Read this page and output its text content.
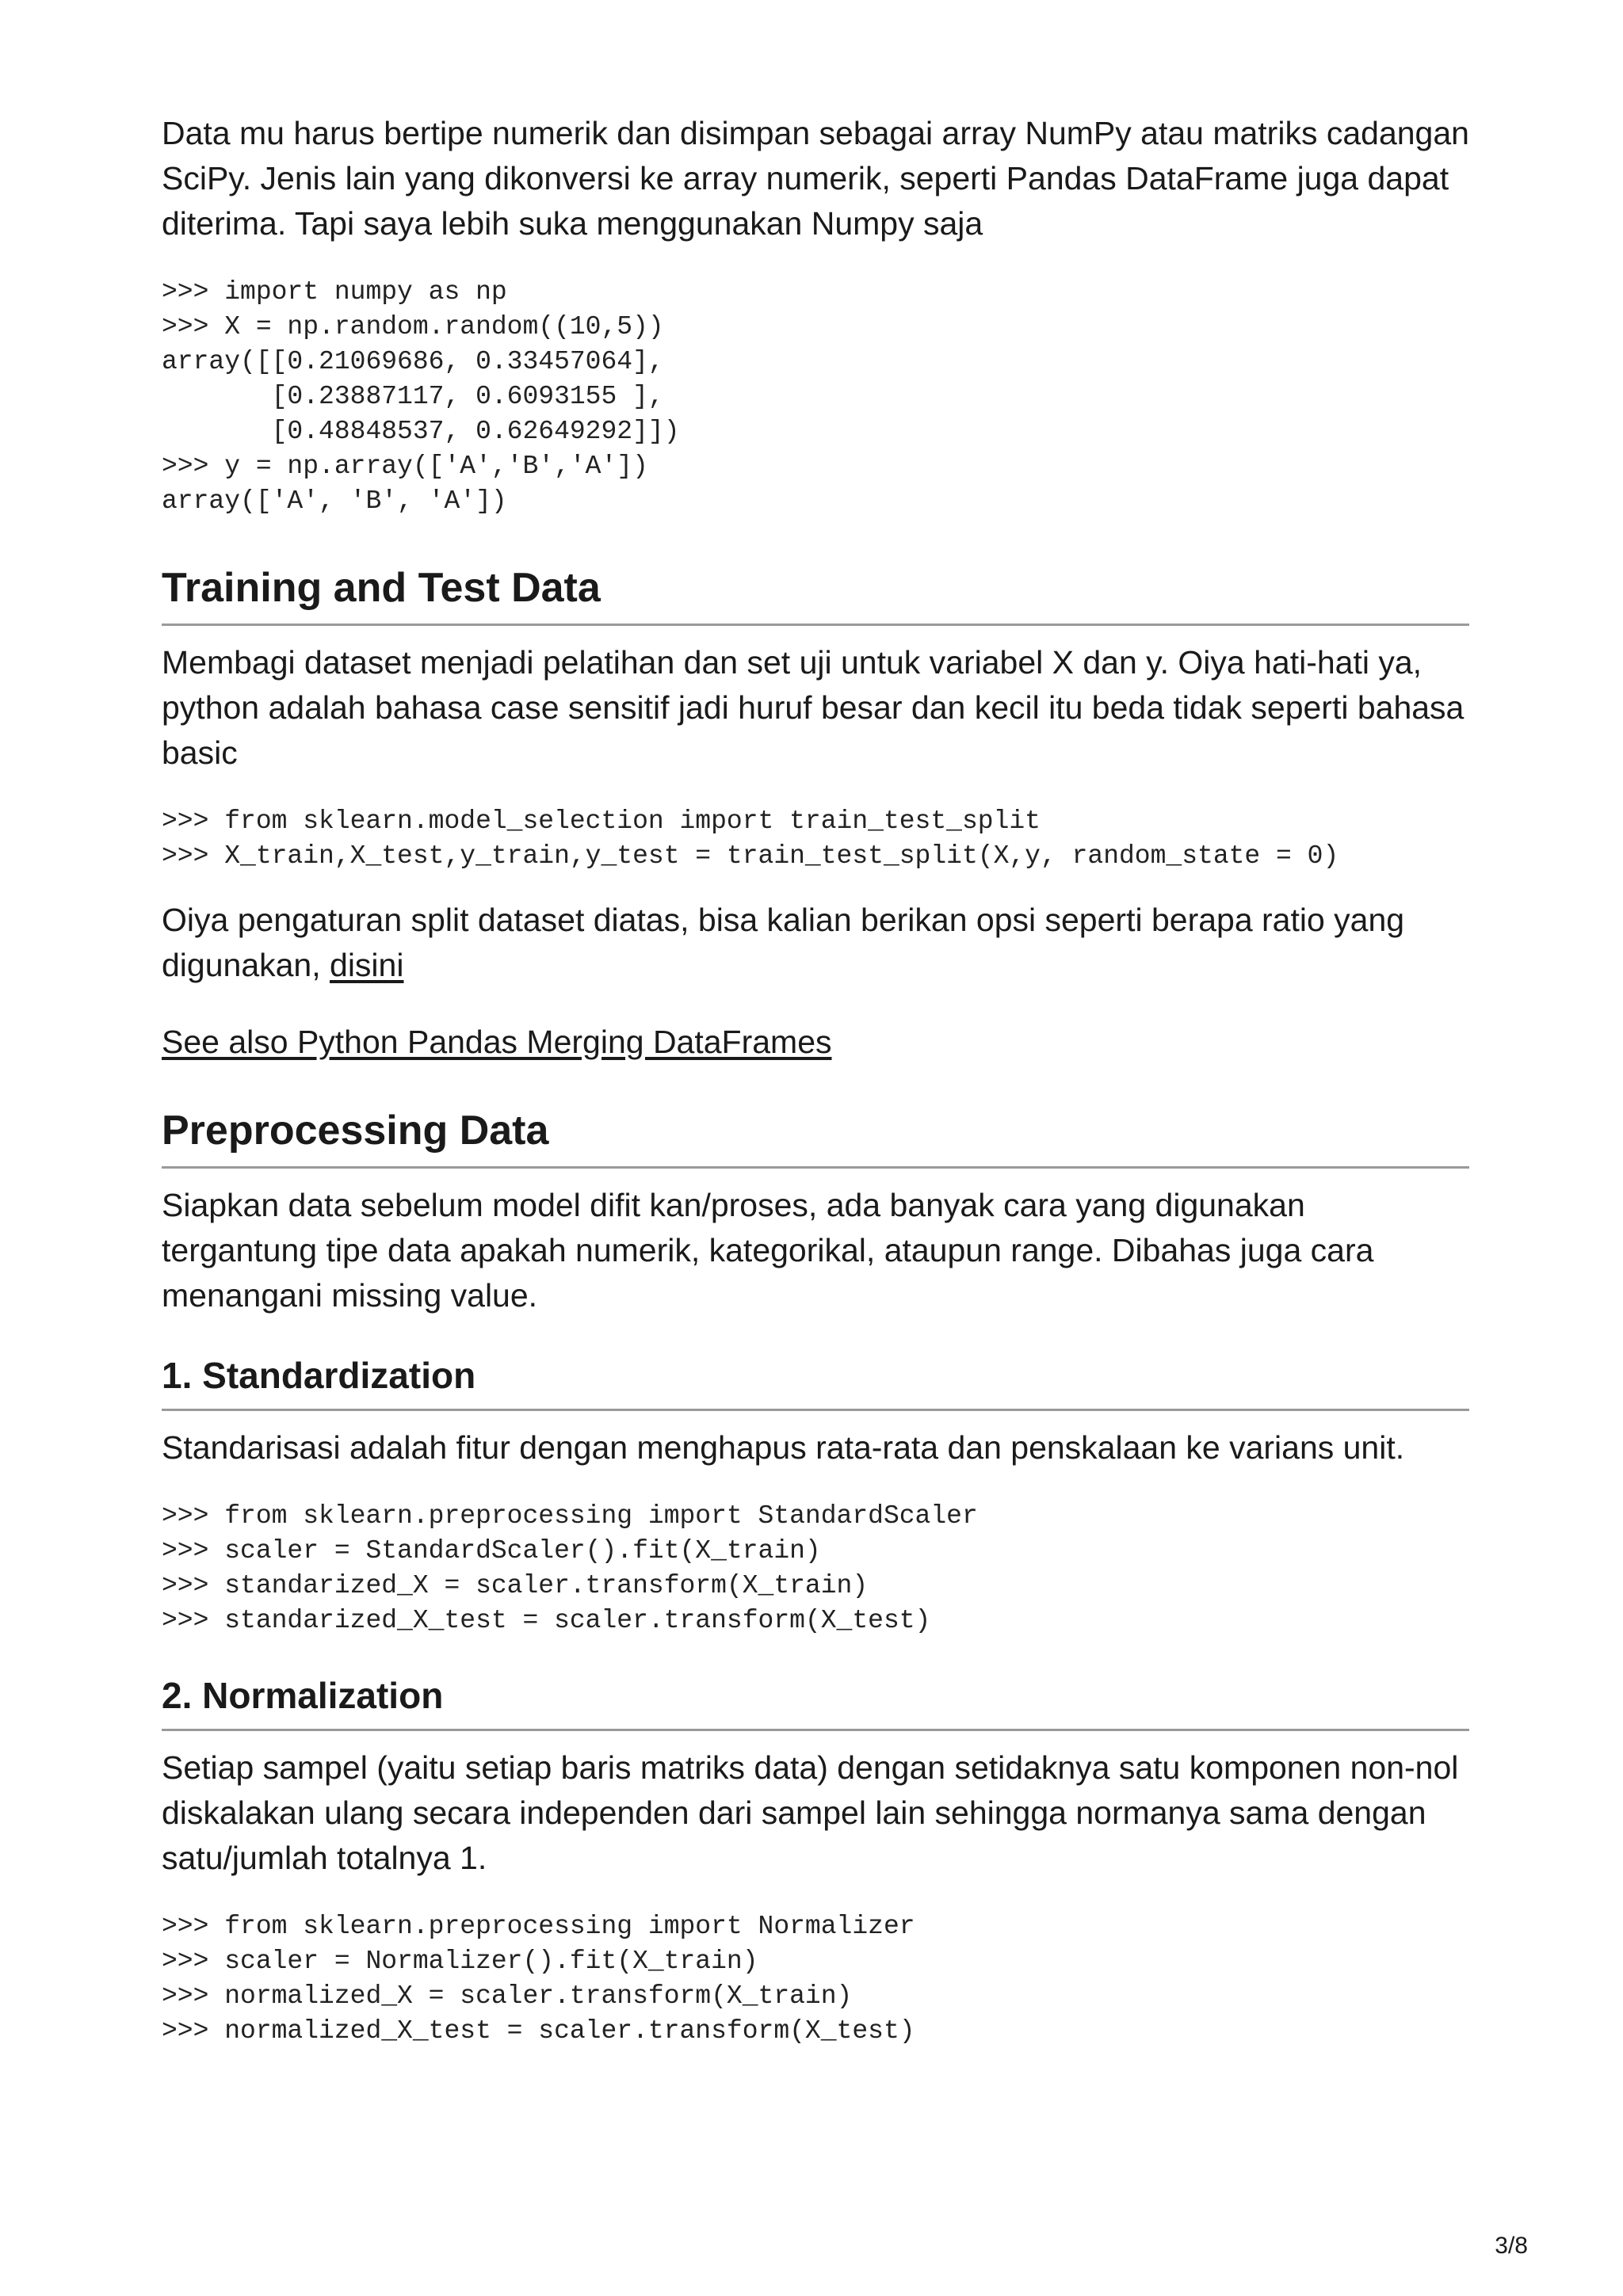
Data mu harus bertipe numerik dan disimpan sebagai array NumPy atau matriks cadangan SciPy. Jenis lain yang dikonversi ke array numerik, seperti Pandas DataFrame juga dapat diterima. Tapi saya lebih suka menggunakan Numpy saja

>>> import numpy as np
>>> X = np.random.random((10,5))
array([[0.21069686, 0.33457064],
[0.23887117, 0.6093155 ],
[0.48848537, 0.62649292]])
>>> y = np.array(['A','B','A'])
array(['A', 'B', 'A'])
Training and Test Data

Membagi dataset menjadi pelatihan dan set uji untuk variabel X dan y. Oiya hati-hati ya, python adalah bahasa case sensitif jadi huruf besar dan kecil itu beda tidak seperti bahasa basic

>>> from sklearn.model_selection import train_test_split
>>> X_train,X_test,y_train,y_test = train_test_split(X,y, random_state = 0)

Oiya pengaturan split dataset diatas, bisa kalian berikan opsi seperti berapa ratio yang digunakan, disini

See also Python Pandas Merging DataFrames

Preprocessing Data

Siapkan data sebelum model difit kan/proses, ada banyak cara yang digunakan tergantung tipe data apakah numerik, kategorikal, ataupun range. Dibahas juga cara menangani missing value.

1. Standardization

Standarisasi adalah fitur dengan menghapus rata-rata dan penskalaan ke varians unit.

>>> from sklearn.preprocessing import StandardScaler
>>> scaler = StandardScaler().fit(X_train)
>>> standarized_X = scaler.transform(X_train)
>>> standarized_X_test = scaler.transform(X_test)
2. Normalization

Setiap sampel (yaitu setiap baris matriks data) dengan setidaknya satu komponen non-nol diskalakan ulang secara independen dari sampel lain sehingga normanya sama dengan satu/jumlah totalnya 1.

>>> from sklearn.preprocessing import Normalizer
>>> scaler = Normalizer().fit(X_train)
>>> normalized_X = scaler.transform(X_train)
>>> normalized_X_test = scaler.transform(X_test)
3/8
